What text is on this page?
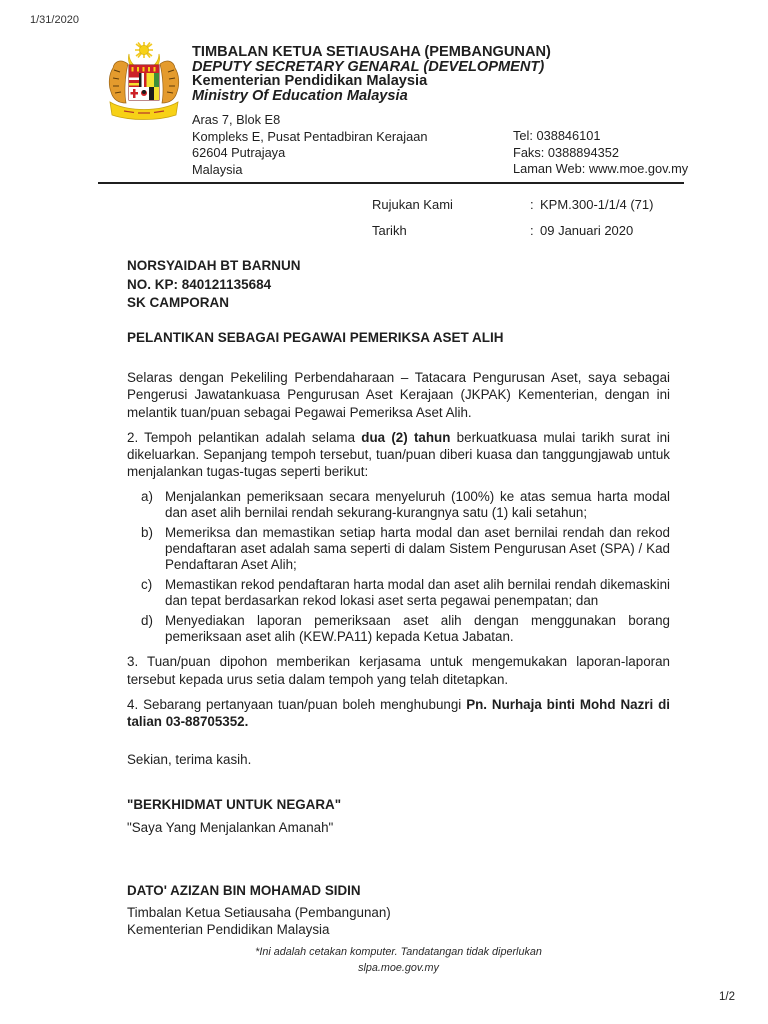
1/31/2020
TIMBALAN KETUA SETIAUSAHA (PEMBANGUNAN)
DEPUTY SECRETARY GENARAL (DEVELOPMENT)
Kementerian Pendidikan Malaysia
Ministry Of Education Malaysia
Aras 7, Blok E8
Kompleks E, Pusat Pentadbiran Kerajaan
62604 Putrajaya
Malaysia
Tel: 038846101
Faks: 0388894352
Laman Web: www.moe.gov.my
Rujukan Kami	: KPM.300-1/1/4 (71)
Tarikh	: 09 Januari 2020
NORSYAIDAH BT BARNUN
NO. KP: 840121135684
SK CAMPORAN
PELANTIKAN SEBAGAI PEGAWAI PEMERIKSA ASET ALIH

Selaras dengan Pekeliling Perbendaharaan – Tatacara Pengurusan Aset, saya sebagai Pengerusi Jawatankuasa Pengurusan Aset Kerajaan (JKPAK) Kementerian, dengan ini melantik tuan/puan sebagai Pegawai Pemeriksa Aset Alih.

2. Tempoh pelantikan adalah selama dua (2) tahun berkuatkuasa mulai tarikh surat ini dikeluarkan. Sepanjang tempoh tersebut, tuan/puan diberi kuasa dan tanggungjawab untuk menjalankan tugas-tugas seperti berikut:

a) Menjalankan pemeriksaan secara menyeluruh (100%) ke atas semua harta modal dan aset alih bernilai rendah sekurang-kurangnya satu (1) kali setahun;
b) Memeriksa dan memastikan setiap harta modal dan aset bernilai rendah dan rekod pendaftaran aset adalah sama seperti di dalam Sistem Pengurusan Aset (SPA) / Kad Pendaftaran Aset Alih;
c) Memastikan rekod pendaftaran harta modal dan aset alih bernilai rendah dikemaskini dan tepat berdasarkan rekod lokasi aset serta pegawai penempatan; dan
d) Menyediakan laporan pemeriksaan aset alih dengan menggunakan borang pemeriksaan aset alih (KEW.PA11) kepada Ketua Jabatan.

3. Tuan/puan dipohon memberikan kerjasama untuk mengemukakan laporan-laporan tersebut kepada urus setia dalam tempoh yang telah ditetapkan.

4. Sebarang pertanyaan tuan/puan boleh menghubungi Pn. Nurhaja binti Mohd Nazri di talian 03-88705352.

Sekian, terima kasih.

"BERKHIDMAT UNTUK NEGARA"

"Saya Yang Menjalankan Amanah"

DATO' AZIZAN BIN MOHAMAD SIDIN

Timbalan Ketua Setiausaha (Pembangunan)

Kementerian Pendidikan Malaysia

*Ini adalah cetakan komputer. Tandatangan tidak diperlukan
slpa.moe.gov.my
1/2
